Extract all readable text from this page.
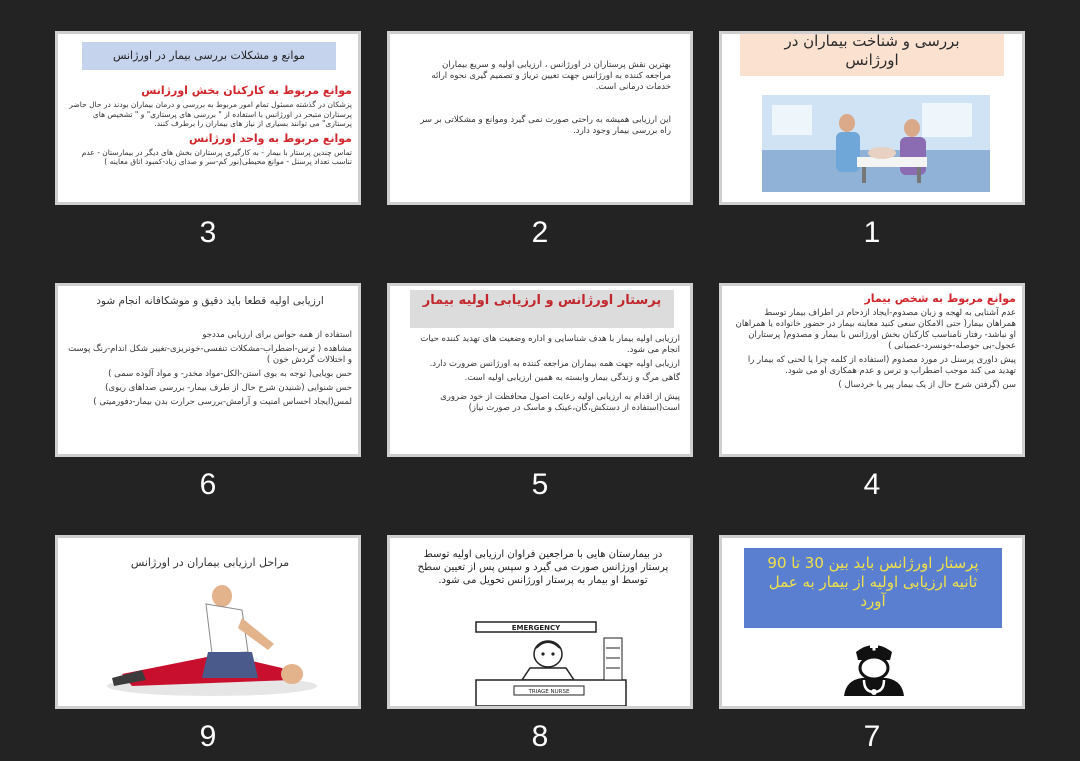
موانع و مشکلات بررسی بیمار در اورژانس
موانع مربوط به کارکنان بخش اورژانس
پزشکان در گذشته مسئول تمام امور مربوط به بررسی و درمان بیماران بودند در حال حاضر پرستاران متبحر در اورژانس با استفاده از " بررسی های پرستاری" و " تشخیص های پرستاری" می توانند بسیاری از نیاز های بیماران را برطرف کنند.
موانع مربوط به واحد اورژانس
تماس چندین پرستار با بیمار - به کارگیری پرستاران بخش های دیگر در بیمارستان - عدم تناسب تعداد پرسنل - موانع محیطی(نور کم-سر و صدای زیاد-کمبود اتاق معاینه )
3
بهترین نقش پرستاران در اورژانس ، ارزیابی اولیه و سریع بیماران مراجعه کننده به اورژانس جهت تعیین تریاژ و تصمیم گیری نحوه ارائه خدمات درمانی است.
این ارزیابی همیشه به راحتی صورت نمی گیرد وموانع و مشکلاتی بر سر راه بررسی بیمار وجود دارد.
2
بررسی و شناخت بیماران در اورژانس
1
ارزیابی اولیه قطعا باید دقیق و موشکافانه انجام شود
استفاده از همه حواس برای ارزیابی مددجو
مشاهده ( ترس-اضطراب-مشکلات تنفسی-خونریزی-تغییر شکل اندام-رنگ پوست و اختلالات گردش خون )
حس بویایی( توجه به بوی استن-الکل-مواد مخدر- و مواد آلوده سمی )
حس شنوایی (شنیدن شرح حال از طرف بیمار- بررسی صداهای ریوی)
لمس(ایجاد احساس امنیت و آرامش-بررسی حرارت بدن بیمار-دفورمیتی )
6
پرستار اورژانس و ارزیابی اولیه بیمار
ارزیابی اولیه بیمار با هدف شناسایی و اداره وضعیت های تهدید کننده حیات انجام می شود.
ارزیابی اولیه جهت همه بیماران مراجعه کننده به اورژانس ضرورت دارد.
گاهی مرگ و زندگی بیمار وابسته به همین ارزیابی اولیه است.
پیش از اقدام به ارزیابی اولیه رعایت اصول محافظت از خود ضروری است(استفاده از دستکش،گان،عینک و ماسک در صورت نیاز)
5
موانع مربوط به شخص بیمار
عدم آشنایی به لهجه و زبان مصدوم-ایجاد ازدحام در اطراف بیمار توسط همراهان بیمار( حتی الامکان سعی کنید معاینه بیمار در حضور خانواده یا همراهان او نباشد- رفتار نامناسب کارکنان بخش اورژانس با بیمار و مصدوم( پرستاران عجول-بی حوصله-خونسرد-عصبانی )
پیش داوری پرسنل در مورد مصدوم (استفاده از کلمه چرا یا لحنی که بیمار را تهدید می کند موجب اضطراب و ترس و عدم همکاری او می شود.
سن (گرفتن شرح حال از یک بیمار پیر یا خردسال )
4
مراحل ارزیابی بیماران در اورژانس
9
در بیمارستان هایی با مراجعین فراوان ارزیابی اولیه توسط پرستار اورژانس صورت می گیرد و سپس پس از تعیین سطح توسط او بیمار به پرستار اورژانس تحویل می شود.
EMERGENCY
TRIAGE NURSE
8
پرستار اورژانس باید بین 30 تا 90 ثانیه ارزیابی اولیه از بیمار به عمل آورد
7
